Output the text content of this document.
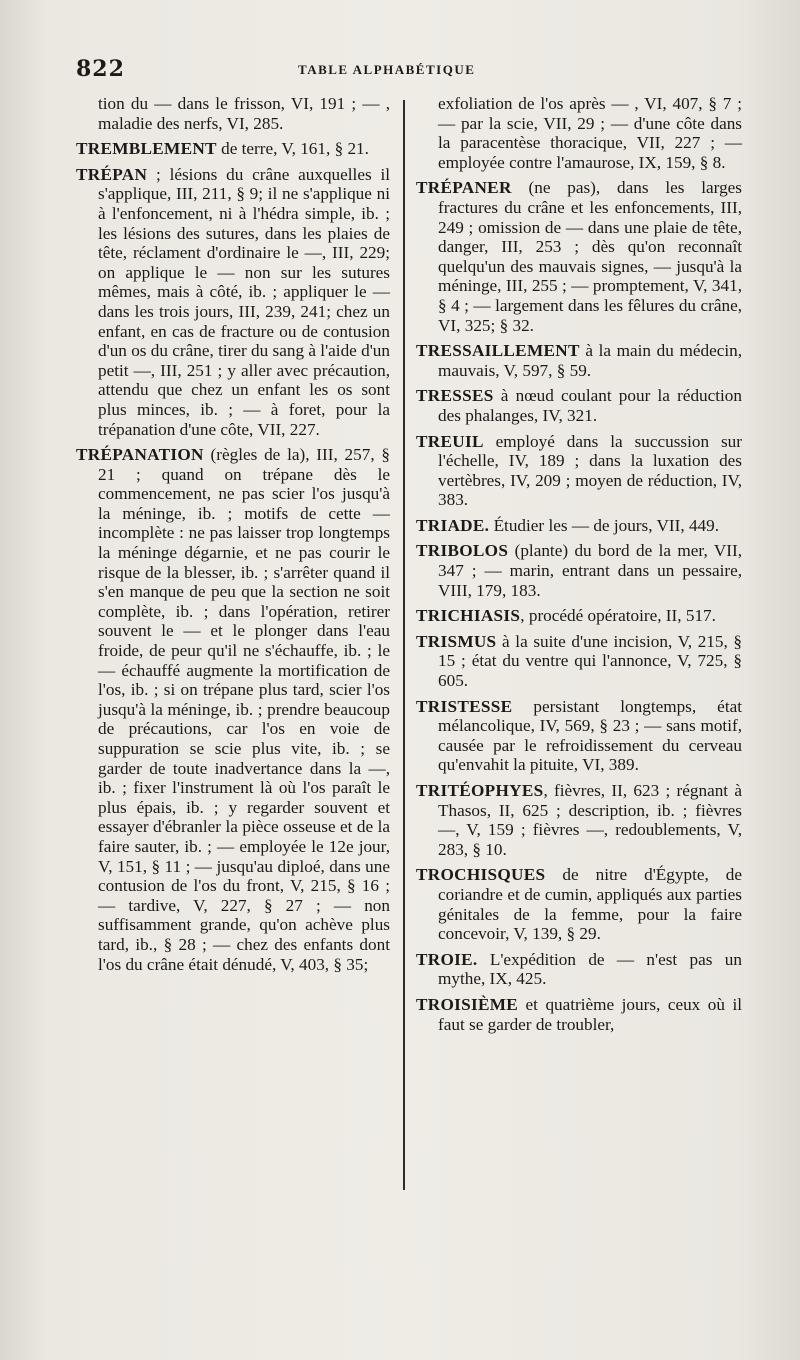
822	TABLE ALPHABÉTIQUE

tion du — dans le frisson, VI, 191 ; — , maladie des nerfs, VI, 285.

TREMBLEMENT de terre, V, 161, § 21.

TRÉPAN ; lésions du crâne auxquelles il s'applique, III, 211, § 9; il ne s'applique ni à l'enfoncement, ni à l'hédra simple, ib. ; les lésions des sutures, dans les plaies de tête, réclament d'ordinaire le —, III, 229; on applique le — non sur les sutures mêmes, mais à côté, ib. ; appliquer le — dans les trois jours, III, 239, 241; chez un enfant, en cas de fracture ou de contusion d'un os du crâne, tirer du sang à l'aide d'un petit —, III, 251 ; y aller avec précaution, attendu que chez un enfant les os sont plus minces, ib. ; — à foret, pour la trépanation d'une côte, VII, 227.

TRÉPANATION (règles de la), III, 257, § 21 ; quand on trépane dès le commencement, ne pas scier l'os jusqu'à la méninge, ib. ; motifs de cette — incomplète : ne pas laisser trop longtemps la méninge dégarnie, et ne pas courir le risque de la blesser, ib. ; s'arrêter quand il s'en manque de peu que la section ne soit complète, ib. ; dans l'opération, retirer souvent le — et le plonger dans l'eau froide, de peur qu'il ne s'échauffe, ib. ; le — échauffé augmente la mortification de l'os, ib. ; si on trépane plus tard, scier l'os jusqu'à la méninge, ib. ; prendre beaucoup de précautions, car l'os en voie de suppuration se scie plus vite, ib. ; se garder de toute inadvertance dans la —, ib. ; fixer l'instrument là où l'os paraît le plus épais, ib. ; y regarder souvent et essayer d'ébranler la pièce osseuse et de la faire sauter, ib. ; — employée le 12e jour, V, 151, § 11 ; — jusqu'au diploé, dans une contusion de l'os du front, V, 215, § 16 ; — tardive, V, 227, § 27 ; — non suffisamment grande, qu'on achève plus tard, ib., § 28 ; — chez des enfants dont l'os du crâne était dénudé, V, 403, § 35;

exfoliation de l'os après — , VI, 407, § 7 ; — par la scie, VII, 29 ; — d'une côte dans la paracentèse thoracique, VII, 227 ; — employée contre l'amaurose, IX, 159, § 8.

TRÉPANER (ne pas), dans les larges fractures du crâne et les enfoncements, III, 249 ; omission de — dans une plaie de tête, danger, III, 253 ; dès qu'on reconnaît quelqu'un des mauvais signes, — jusqu'à la méninge, III, 255 ; — promptement, V, 341, § 4 ; — largement dans les fêlures du crâne, VI, 325; § 32.

TRESSAILLEMENT à la main du médecin, mauvais, V, 597, § 59.

TRESSES à nœud coulant pour la réduction des phalanges, IV, 321.

TREUIL employé dans la succussion sur l'échelle, IV, 189 ; dans la luxation des vertèbres, IV, 209 ; moyen de réduction, IV, 383.

TRIADE. Étudier les — de jours, VII, 449.

TRIBOLOS (plante) du bord de la mer, VII, 347 ; — marin, entrant dans un pessaire, VIII, 179, 183.

TRICHIASIS, procédé opératoire, II, 517.

TRISMUS à la suite d'une incision, V, 215, § 15 ; état du ventre qui l'annonce, V, 725, § 605.

TRISTESSE persistant longtemps, état mélancolique, IV, 569, § 23 ; — sans motif, causée par le refroidissement du cerveau qu'envahit la pituite, VI, 389.

TRITÉOPHYES, fièvres, II, 623 ; régnant à Thasos, II, 625 ; description, ib. ; fièvres —, V, 159 ; fièvres —, redoublements, V, 283, § 10.

TROCHISQUES de nitre d'Égypte, de coriandre et de cumin, appliqués aux parties génitales de la femme, pour la faire concevoir, V, 139, § 29.

TROIE. L'expédition de — n'est pas un mythe, IX, 425.

TROISIÈME et quatrième jours, ceux où il faut se garder de troubler,
